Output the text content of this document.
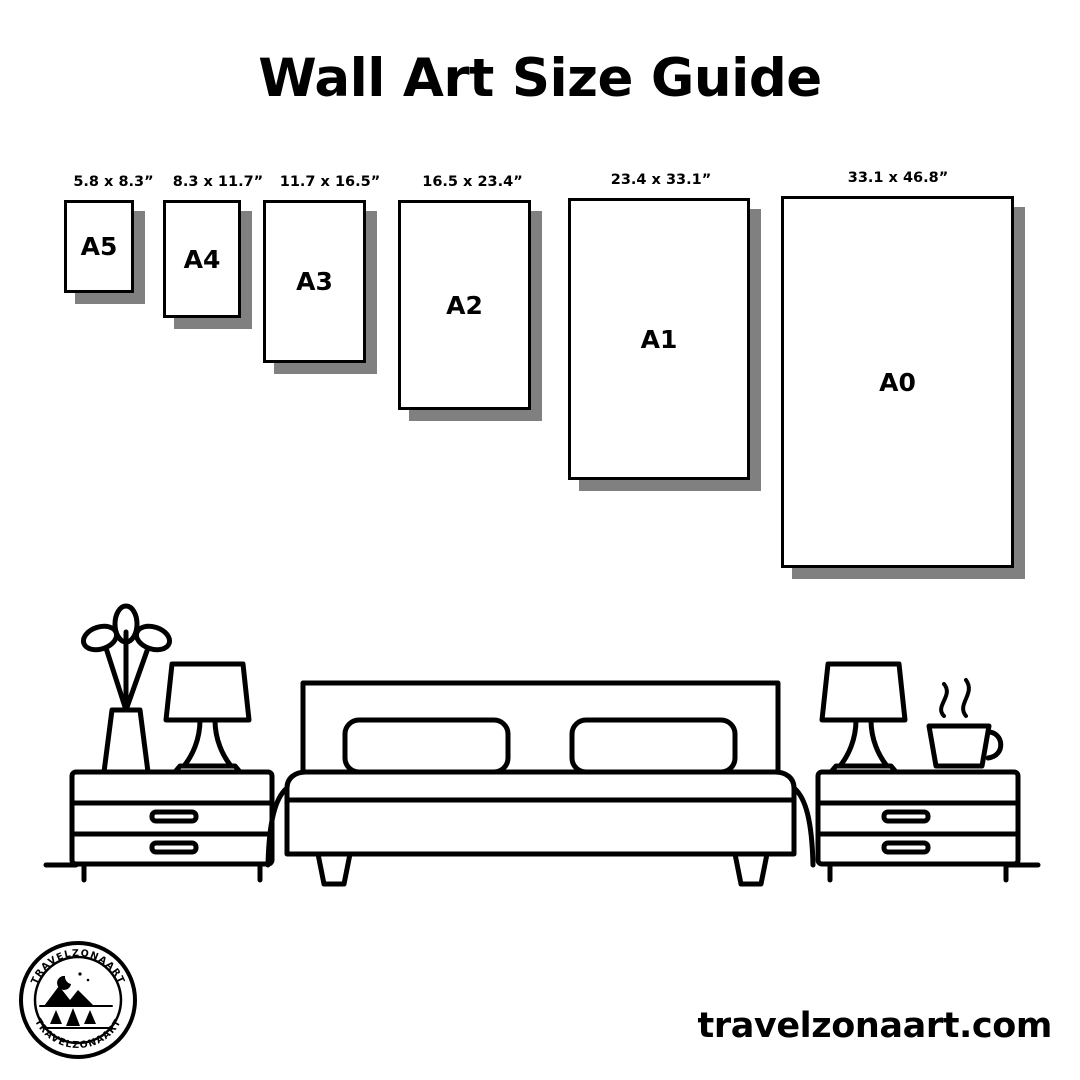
Wall Art Size Guide
A5
5.8 x 8.3”
A4
8.3 x 11.7”
A3
11.7 x 16.5”
A2
16.5 x 23.4”
A1
23.4 x 33.1”
A0
33.1 x 46.8”
TRAVELZONAART
TRAVELZONAART	travelzonaart.com
